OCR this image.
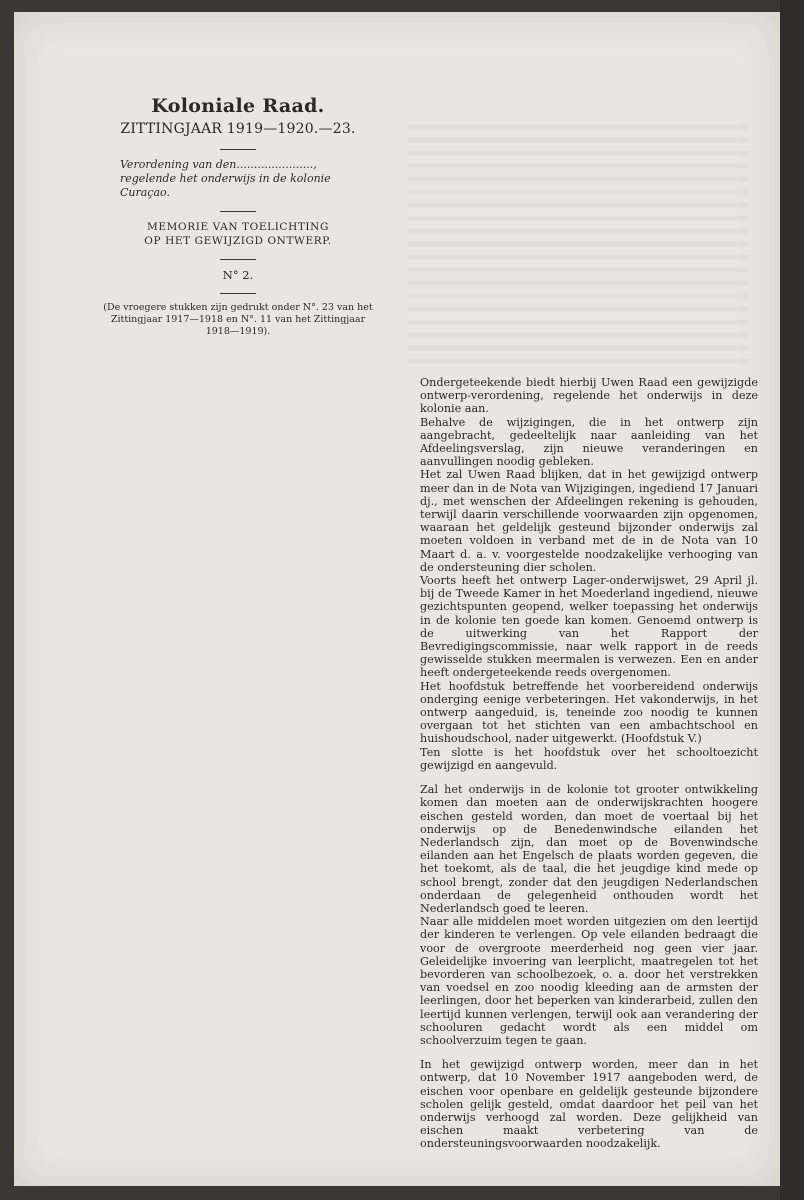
Koloniale Raad.
ZITTINGJAAR 1919—1920.—23.
Verordening van den......................, regelende het onderwijs in de kolonie Curaçao.
MEMORIE VAN TOELICHTING
OP HET GEWIJZIGD ONTWERP.
N° 2.
(De vroegere stukken zijn gedrukt onder N°. 23 van het Zittingjaar 1917—1918 en N°. 11 van het Zittingjaar 1918—1919).

Ondergeteekende biedt hierbij Uwen Raad een gewijzigde ontwerp-verordening, regelende het onderwijs in deze kolonie aan.

Behalve de wijzigingen, die in het ontwerp zijn aangebracht, gedeeltelijk naar aanleiding van het Afdeelingsverslag, zijn nieuwe veranderingen en aanvullingen noodig gebleken.

Het zal Uwen Raad blijken, dat in het gewijzigd ontwerp meer dan in de Nota van Wijzigingen, ingediend 17 Januari dj., met wenschen der Afdeelingen rekening is gehouden, terwijl daarin verschillende voorwaarden zijn opgenomen, waaraan het geldelijk gesteund bijzonder onderwijs zal moeten voldoen in verband met de in de Nota van 10 Maart d. a. v. voorgestelde noodzakelijke verhooging van de ondersteuning dier scholen.

Voorts heeft het ontwerp Lager-onderwijswet, 29 April jl. bij de Tweede Kamer in het Moederland ingediend, nieuwe gezichtspunten geopend, welker toepassing het onderwijs in de kolonie ten goede kan komen. Genoemd ontwerp is de uitwerking van het Rapport der Bevredigingscommissie, naar welk rapport in de reeds gewisselde stukken meermalen is verwezen. Een en ander heeft ondergeteekende reeds overgenomen.

Het hoofdstuk betreffende het voorbereidend onderwijs onderging eenige verbeteringen. Het vakonderwijs, in het ontwerp aangeduid, is, teneinde zoo noodig te kunnen overgaan tot het stichten van een ambachtschool en huishoudschool, nader uitgewerkt. (Hoofdstuk V.)

Ten slotte is het hoofdstuk over het schooltoezicht gewijzigd en aangevuld.

Zal het onderwijs in de kolonie tot grooter ontwikkeling komen dan moeten aan de onderwijskrachten hoogere eischen gesteld worden, dan moet de voertaal bij het onderwijs op de Benedenwindsche eilanden het Nederlandsch zijn, dan moet op de Bovenwindsche eilanden aan het Engelsch de plaats worden gegeven, die het toekomt, als de taal, die het jeugdige kind mede op school brengt, zonder dat den jeugdigen Nederlandschen onderdaan de gelegenheid onthouden wordt het Nederlandsch goed te leeren.

Naar alle middelen moet worden uitgezien om den leertijd der kinderen te verlengen. Op vele eilanden bedraagt die voor de overgroote meerderheid nog geen vier jaar. Geleidelijke invoering van leerplicht, maatregelen tot het bevorderen van schoolbezoek, o. a. door het verstrekken van voedsel en zoo noodig kleeding aan de armsten der leerlingen, door het beperken van kinderarbeid, zullen den leertijd kunnen verlengen, terwijl ook aan verandering der schooluren gedacht wordt als een middel om schoolverzuim tegen te gaan.

In het gewijzigd ontwerp worden, meer dan in het ontwerp, dat 10 November 1917 aangeboden werd, de eischen voor openbare en geldelijk gesteunde bijzondere scholen gelijk gesteld, omdat daardoor het peil van het onderwijs verhoogd zal worden. Deze gelijkheid van eischen maakt verbetering van de ondersteuningsvoorwaarden noodzakelijk.
